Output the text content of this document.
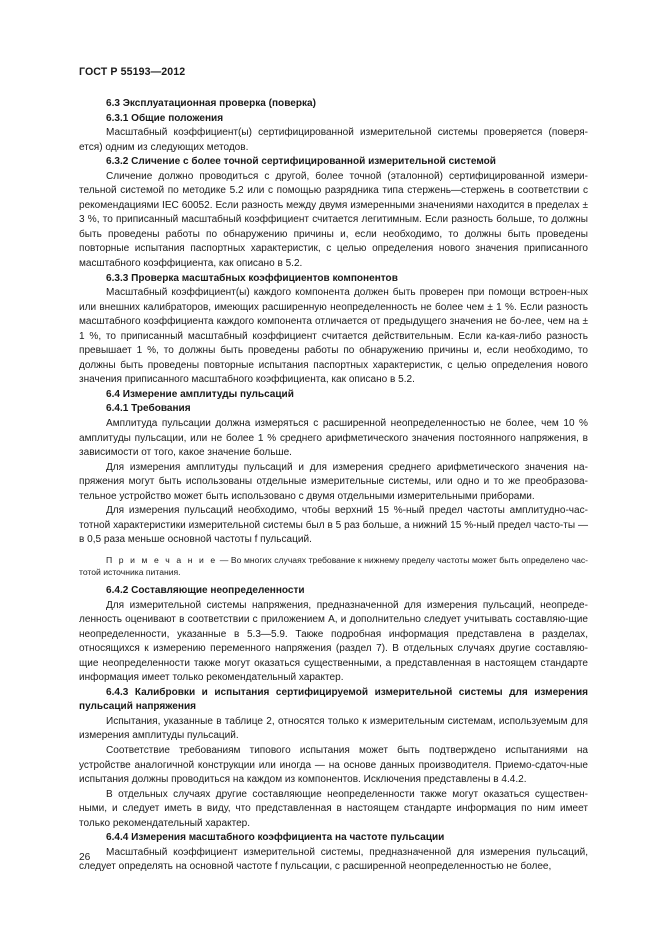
ГОСТ Р 55193—2012

6.3 Эксплуатационная проверка (поверка)

6.3.1 Общие положения

Масштабный коэффициент(ы) сертифицированной измерительной системы проверяется (поверя-ется) одним из следующих методов.

6.3.2 Сличение с более точной сертифицированной измерительной системой

Сличение должно проводиться с другой, более точной (эталонной) сертифицированной измери-тельной системой по методике 5.2 или с помощью разрядника типа стержень—стержень в соответствии с рекомендациями IEC 60052. Если разность между двумя измеренными значениями находится в пределах ± 3 %, то приписанный масштабный коэффициент считается легитимным. Если разность больше, то должны быть проведены работы по обнаружению причины и, если необходимо, то должны быть проведены повторные испытания паспортных характеристик, с целью определения нового значения приписанного масштабного коэффициента, как описано в 5.2.

6.3.3 Проверка масштабных коэффициентов компонентов

Масштабный коэффициент(ы) каждого компонента должен быть проверен при помощи встроен-ных или внешних калибраторов, имеющих расширенную неопределенность не более чем ± 1 %. Если разность масштабного коэффициента каждого компонента отличается от предыдущего значения не бо-лее, чем на ± 1 %, то приписанный масштабный коэффициент считается действительным. Если ка-кая-либо разность превышает 1 %, то должны быть проведены работы по обнаружению причины и, если необходимо, то должны быть проведены повторные испытания паспортных характеристик, с целью определения нового значения приписанного масштабного коэффициента, как описано в 5.2.

6.4 Измерение амплитуды пульсаций

6.4.1 Требования

Амплитуда пульсации должна измеряться с расширенной неопределенностью не более, чем 10 % амплитуды пульсации, или не более 1 % среднего арифметического значения постоянного напряжения, в зависимости от того, какое значение больше.

Для измерения амплитуды пульсаций и для измерения среднего арифметического значения на-пряжения могут быть использованы отдельные измерительные системы, или одно и то же преобразова-тельное устройство может быть использовано с двумя отдельными измерительными приборами.

Для измерения пульсаций необходимо, чтобы верхний 15 %-ный предел частоты амплитудно-час-тотной характеристики измерительной системы был в 5 раз больше, а нижний 15 %-ный предел часто-ты — в 0,5 раза меньше основной частоты f пульсаций.

П р и м е ч а н и е — Во многих случаях требование к нижнему пределу частоты может быть определено час-тотой источника питания.

6.4.2 Составляющие неопределенности

Для измерительной системы напряжения, предназначенной для измерения пульсаций, неопреде-ленность оценивают в соответствии с приложением А, и дополнительно следует учитывать составляю-щие неопределенности, указанные в 5.3—5.9. Также подробная информация представлена в разделах, относящихся к измерению переменного напряжения (раздел 7). В отдельных случаях другие составляю-щие неопределенности также могут оказаться существенными, а представленная в настоящем стандарте информация имеет только рекомендательный характер.

6.4.3 Калибровки и испытания сертифицируемой измерительной системы для измерения пульсаций напряжения

Испытания, указанные в таблице 2, относятся только к измерительным системам, используемым для измерения амплитуды пульсаций.

Соответствие требованиям типового испытания может быть подтверждено испытаниями на устройстве аналогичной конструкции или иногда — на основе данных производителя. Приемо-сдаточ-ные испытания должны проводиться на каждом из компонентов. Исключения представлены в 4.4.2.

В отдельных случаях другие составляющие неопределенности также могут оказаться существен-ными, и следует иметь в виду, что представленная в настоящем стандарте информация по ним имеет только рекомендательный характер.

6.4.4 Измерения масштабного коэффициента на частоте пульсации

Масштабный коэффициент измерительной системы, предназначенной для измерения пульсаций, следует определять на основной частоте f пульсации, с расширенной неопределенностью не более,

26
